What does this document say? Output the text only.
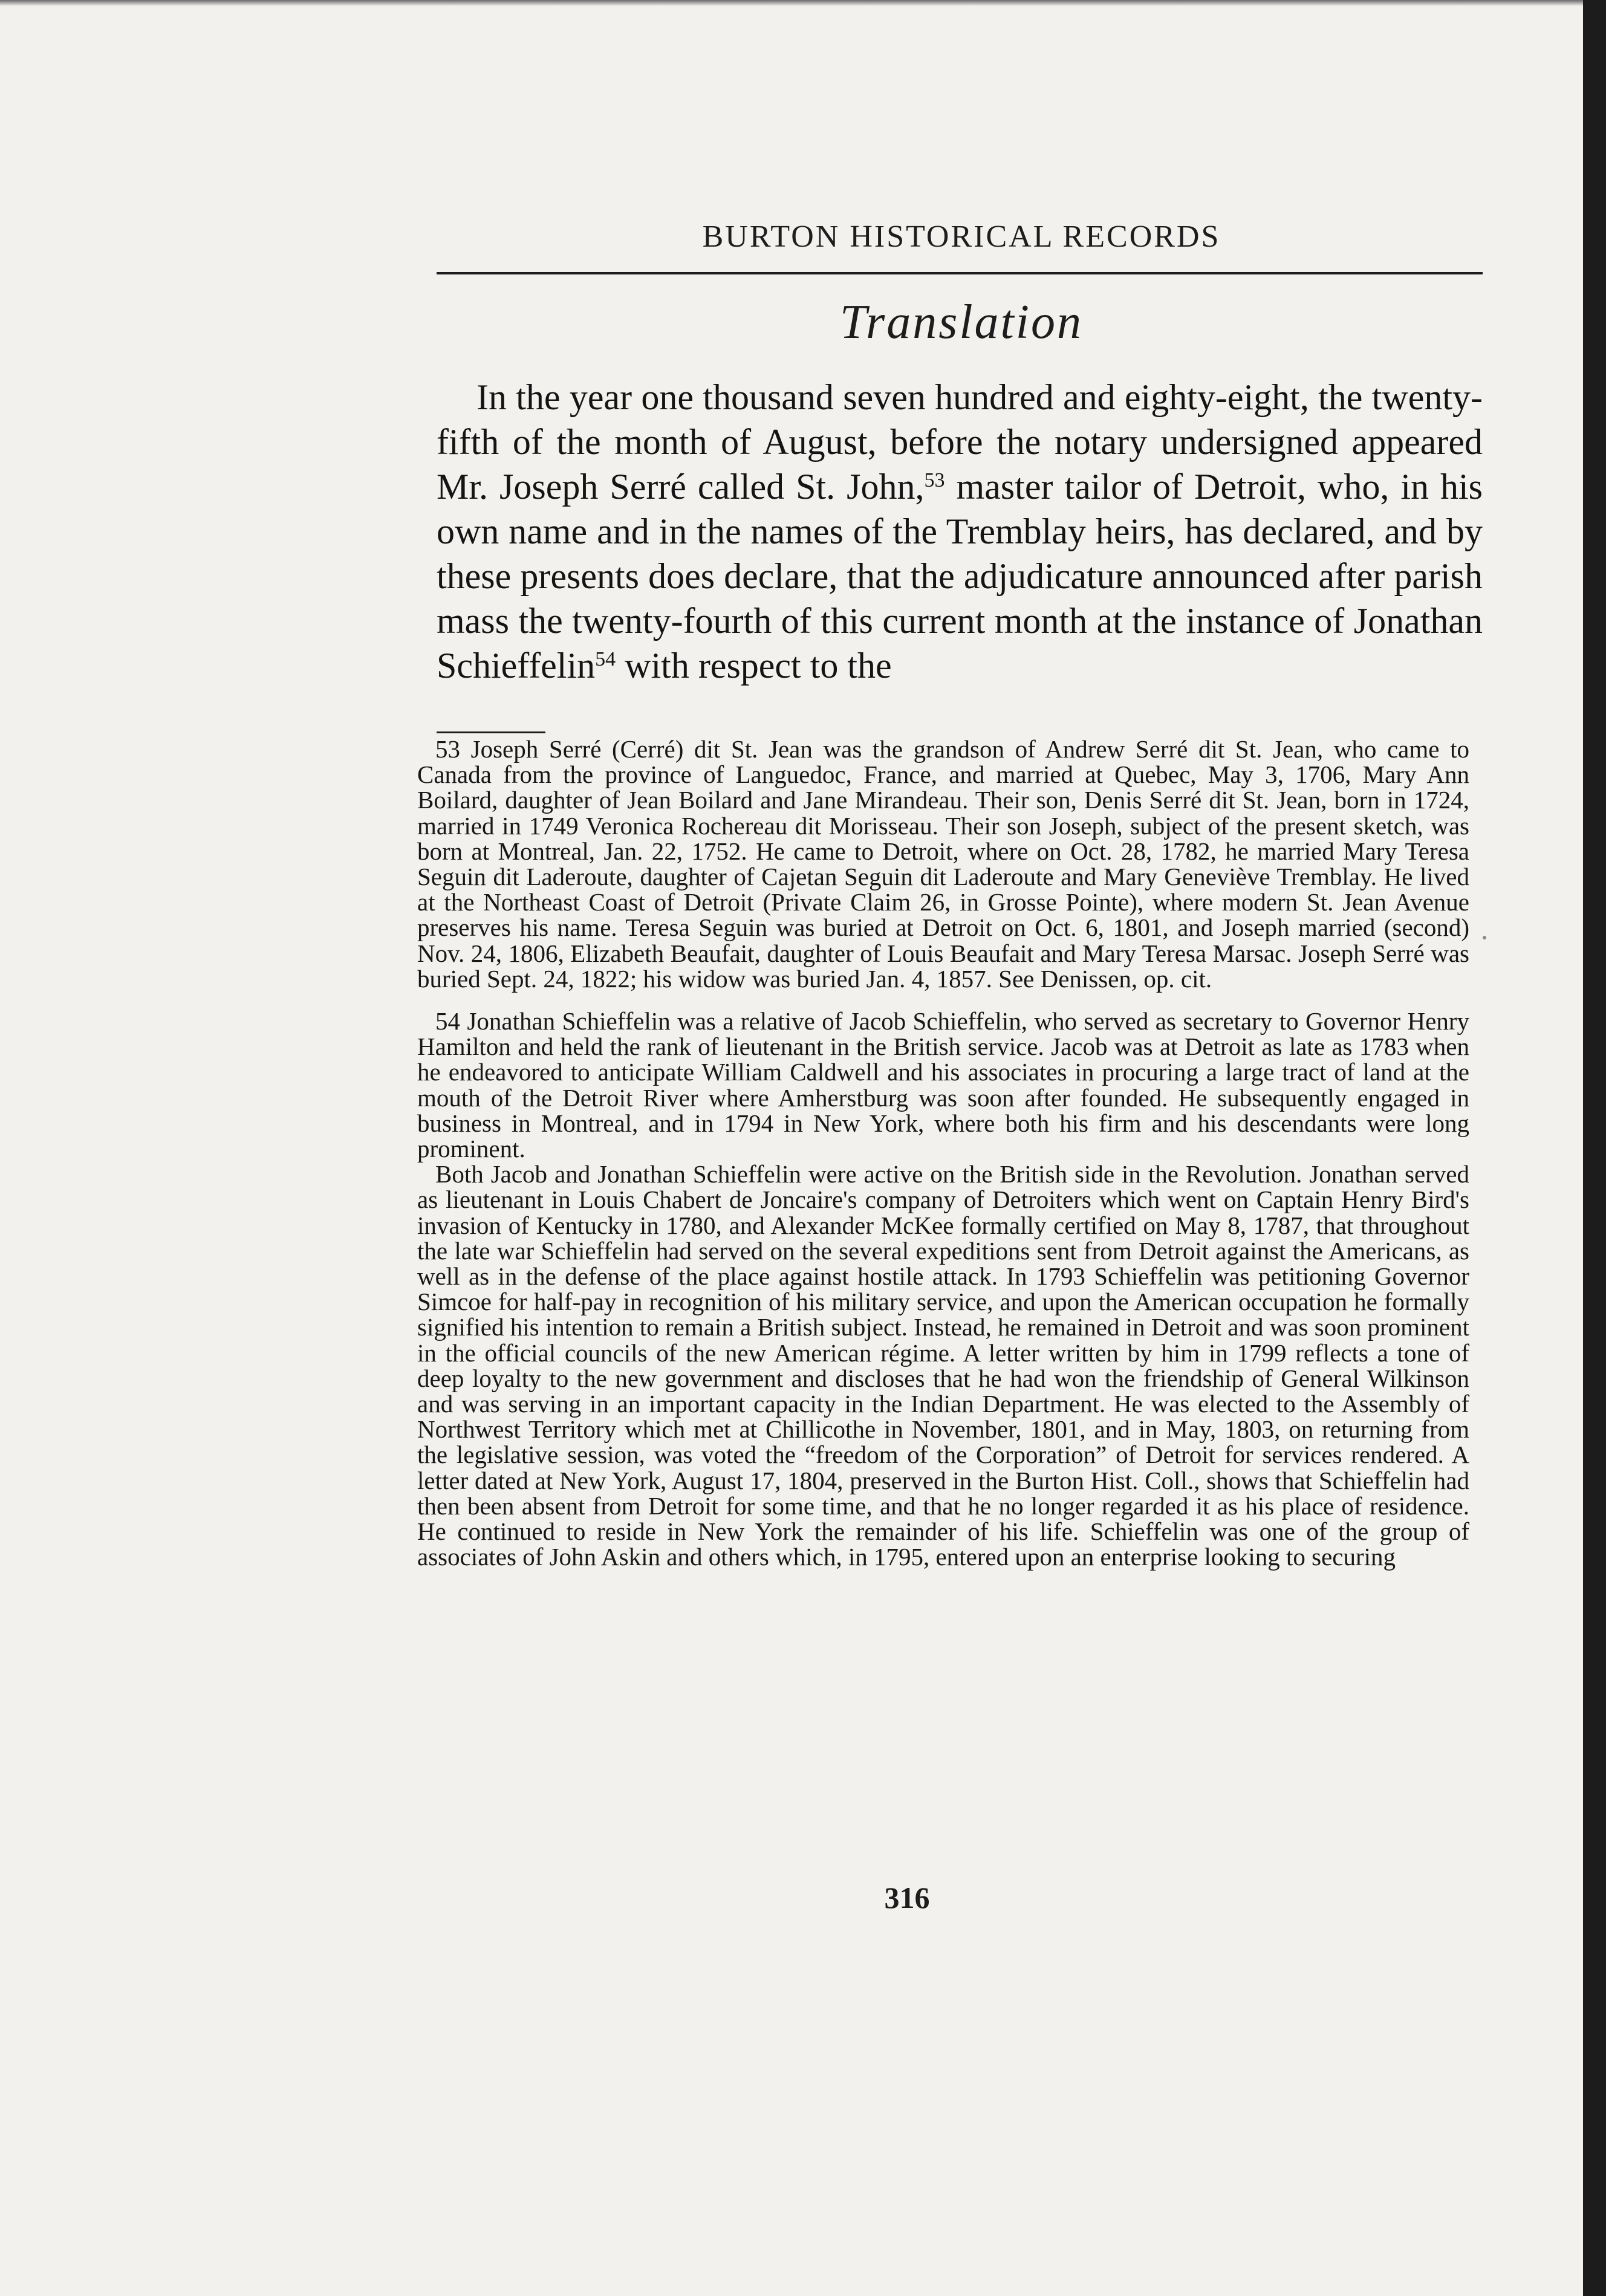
BURTON HISTORICAL RECORDS
Translation

In the year one thousand seven hundred and eighty-eight, the twenty-fifth of the month of August, before the notary undersigned appeared Mr. Joseph Serré called St. John,$^{53}$ master tailor of Detroit, who, in his own name and in the names of the Tremblay heirs, has declared, and by these presents does declare, that the adjudicature announced after parish mass the twenty-fourth of this current month at the instance of Jonathan Schieffelin$^{54}$ with respect to the

53 Joseph Serré (Cerré) dit St. Jean was the grandson of Andrew Serré dit St. Jean, who came to Canada from the province of Languedoc, France, and married at Quebec, May 3, 1706, Mary Ann Boilard, daughter of Jean Boilard and Jane Mirandeau. Their son, Denis Serré dit St. Jean, born in 1724, married in 1749 Veronica Rochereau dit Morisseau. Their son Joseph, subject of the present sketch, was born at Montreal, Jan. 22, 1752. He came to Detroit, where on Oct. 28, 1782, he married Mary Teresa Seguin dit Laderoute, daughter of Cajetan Seguin dit Laderoute and Mary Geneviève Tremblay. He lived at the Northeast Coast of Detroit (Private Claim 26, in Grosse Pointe), where modern St. Jean Avenue preserves his name. Teresa Seguin was buried at Detroit on Oct. 6, 1801, and Joseph married (second) Nov. 24, 1806, Elizabeth Beaufait, daughter of Louis Beaufait and Mary Teresa Marsac. Joseph Serré was buried Sept. 24, 1822; his widow was buried Jan. 4, 1857. See Denissen, op. cit.

54 Jonathan Schieffelin was a relative of Jacob Schieffelin, who served as secretary to Governor Henry Hamilton and held the rank of lieutenant in the British service. Jacob was at Detroit as late as 1783 when he endeavored to anticipate William Caldwell and his associates in procuring a large tract of land at the mouth of the Detroit River where Amherstburg was soon after founded. He subsequently engaged in business in Montreal, and in 1794 in New York, where both his firm and his descendants were long prominent.

Both Jacob and Jonathan Schieffelin were active on the British side in the Revolution. Jonathan served as lieutenant in Louis Chabert de Joncaire's company of Detroiters which went on Captain Henry Bird's invasion of Kentucky in 1780, and Alexander McKee formally certified on May 8, 1787, that throughout the late war Schieffelin had served on the several expeditions sent from Detroit against the Americans, as well as in the defense of the place against hostile attack. In 1793 Schieffelin was petitioning Governor Simcoe for half-pay in recognition of his military service, and upon the American occupation he formally signified his intention to remain a British subject. Instead, he remained in Detroit and was soon prominent in the official councils of the new American régime. A letter written by him in 1799 reflects a tone of deep loyalty to the new government and discloses that he had won the friendship of General Wilkinson and was serving in an important capacity in the Indian Department. He was elected to the Assembly of Northwest Territory which met at Chillicothe in November, 1801, and in May, 1803, on returning from the legislative session, was voted the “freedom of the Corporation” of Detroit for services rendered. A letter dated at New York, August 17, 1804, preserved in the Burton Hist. Coll., shows that Schieffelin had then been absent from Detroit for some time, and that he no longer regarded it as his place of residence. He continued to reside in New York the remainder of his life. Schieffelin was one of the group of associates of John Askin and others which, in 1795, entered upon an enterprise looking to securing

316
